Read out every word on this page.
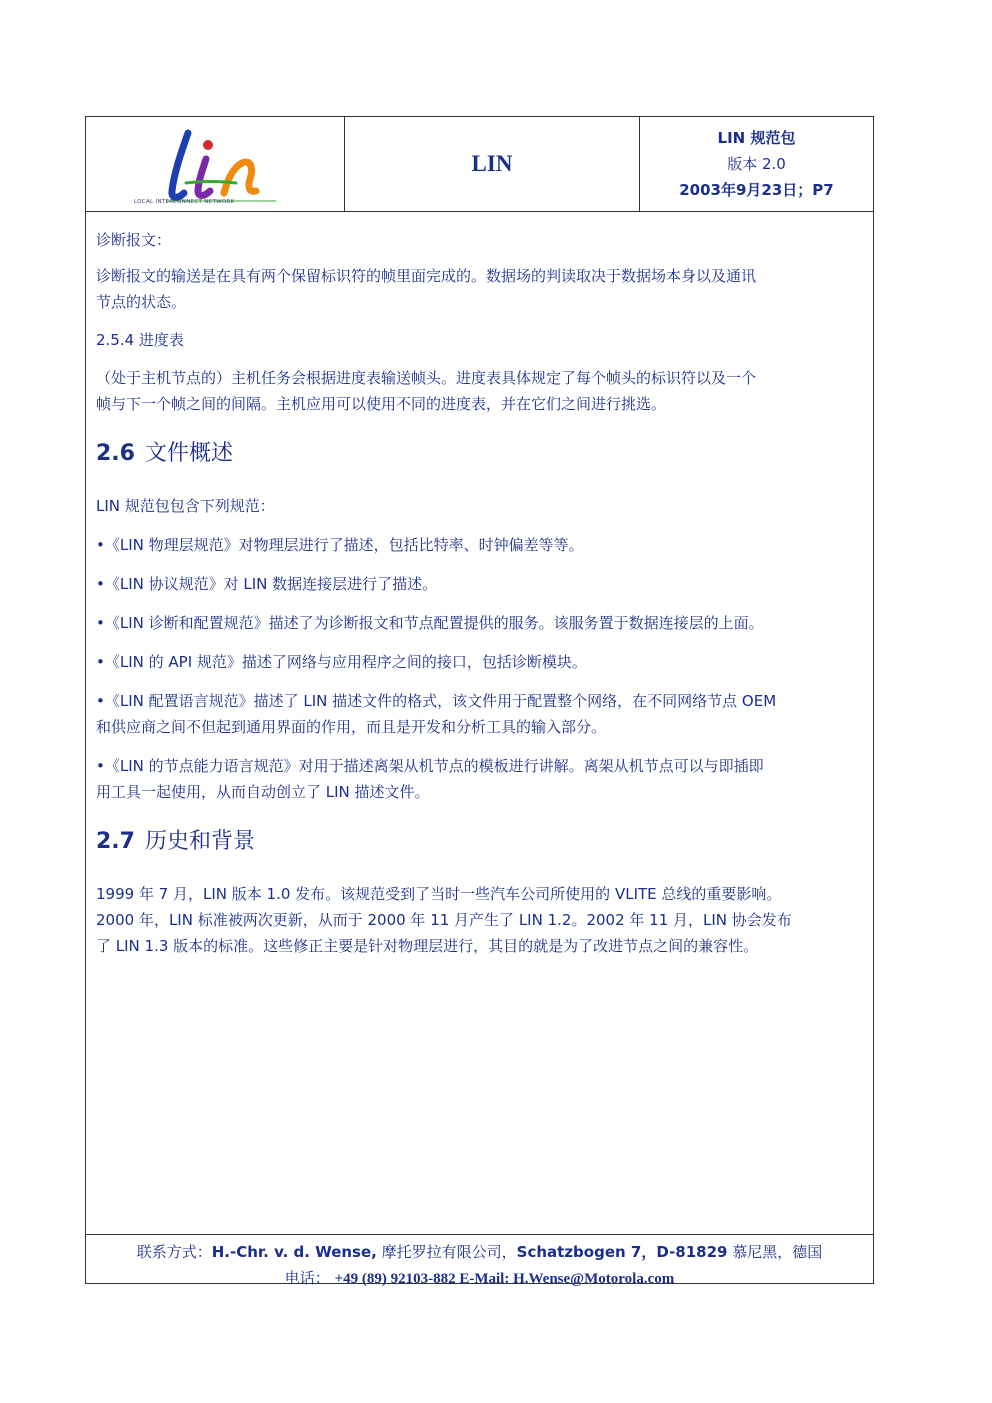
LOCAL INTERCONNECT NETWORK
LIN
LIN 规范包
版本 2.0
2003年9月23日；P7
诊断报文：
诊断报文的输送是在具有两个保留标识符的帧里面完成的。数据场的判读取决于数据场本身以及通讯
节点的状态。
2.5.4 进度表
（处于主机节点的）主机任务会根据进度表输送帧头。进度表具体规定了每个帧头的标识符以及一个
帧与下一个帧之间的间隔。主机应用可以使用不同的进度表，并在它们之间进行挑选。
2.6 文件概述
LIN 规范包包含下列规范：
•《LIN 物理层规范》对物理层进行了描述，包括比特率、时钟偏差等等。
•《LIN 协议规范》对 LIN 数据连接层进行了描述。
•《LIN 诊断和配置规范》描述了为诊断报文和节点配置提供的服务。该服务置于数据连接层的上面。
•《LIN 的 API 规范》描述了网络与应用程序之间的接口，包括诊断模块。
•《LIN 配置语言规范》描述了 LIN 描述文件的格式，该文件用于配置整个网络，在不同网络节点 OEM
和供应商之间不但起到通用界面的作用，而且是开发和分析工具的输入部分。
•《LIN 的节点能力语言规范》对用于描述离架从机节点的模板进行讲解。离架从机节点可以与即插即
用工具一起使用，从而自动创立了 LIN 描述文件。
2.7 历史和背景
1999 年 7 月，LIN 版本 1.0 发布。该规范受到了当时一些汽车公司所使用的 VLITE 总线的重要影响。
2000 年，LIN 标准被两次更新，从而于 2000 年 11 月产生了 LIN 1.2。2002 年 11 月，LIN 协会发布
了 LIN 1.3 版本的标准。这些修正主要是针对物理层进行，其目的就是为了改进节点之间的兼容性。
联系方式：H.-Chr. v. d. Wense, 摩托罗拉有限公司，Schatzbogen 7，D-81829 慕尼黑，德国
电话： +49 (89) 92103-882 E-Mail: H.Wense@Motorola.com
